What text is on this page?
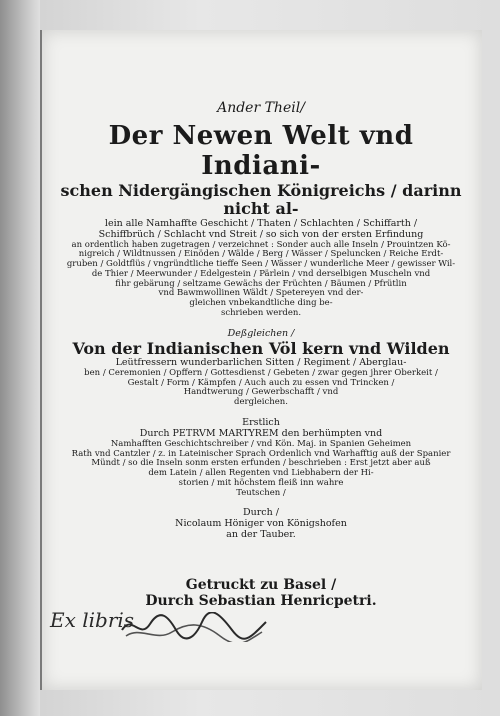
Ander Theil/
Der Newen Welt vnd Indiani-
schen Nidergängischen Königreichs / darinn nicht al-
lein alle Namhaffte Geschicht / Thaten / Schlachten / Schiffarth /
Schiffbrüch / Schlacht vnd Streit / so sich von der ersten Erfindung
an ordentlich haben zugetragen / verzeichnet : Sonder auch alle Inseln / Prouintzen Kö-
nigreich / Wildtnussen / Einöden / Wälde / Berg / Wässer / Speluncken / Reiche Erdt-
gruben / Goldtflüs / vngründtliche tieffe Seen / Wässer / wunderliche Meer / gewisser Wil-
de Thier / Meerwunder / Edelgestein / Pärlein / vnd derselbigen Muscheln vnd
fihr gebärung / seltzame Gewächs der Früchten / Bäumen / Pfrütlin
vnd Bawmwollinen Wäldt / Spetereyen vnd der-
gleichen vnbekandtliche ding be-
schrieben werden.
Deßgleichen /
Von der Indianischen Völ kern vnd Wilden
Leütfressern wunderbarlichen Sitten / Regiment / Aberglau-
ben / Ceremonien / Opffern / Gottesdienst / Gebeten / zwar gegen jhrer Oberkeit /
Gestalt / Form / Kämpfen / Auch auch zu essen vnd Trincken /
Handtwerung / Gewerbschafft / vnd
dergleichen.
Erstlich
Durch PETRVM MARTYREM den berhümpten vnd
Namhafften Geschichtschreiber / vnd Kön. Maj. in Spanien Geheimen
Rath vnd Cantzler / z. in Lateinischer Sprach Ordenlich vnd Warhafftig auß der Spanier
Mündt / so die Inseln sonm ersten erfunden / beschrieben : Erst jetzt aber auß
dem Latein / allen Regenten vnd Liebhabern der Hi-
storien / mit höchstem fleiß inn wahre
Teutschen /
Durch /
Nicolaum Höniger von Königshofen
an der Tauber.
Getruckt zu Basel /
Durch Sebastian Henricpetri.
Ex libris
